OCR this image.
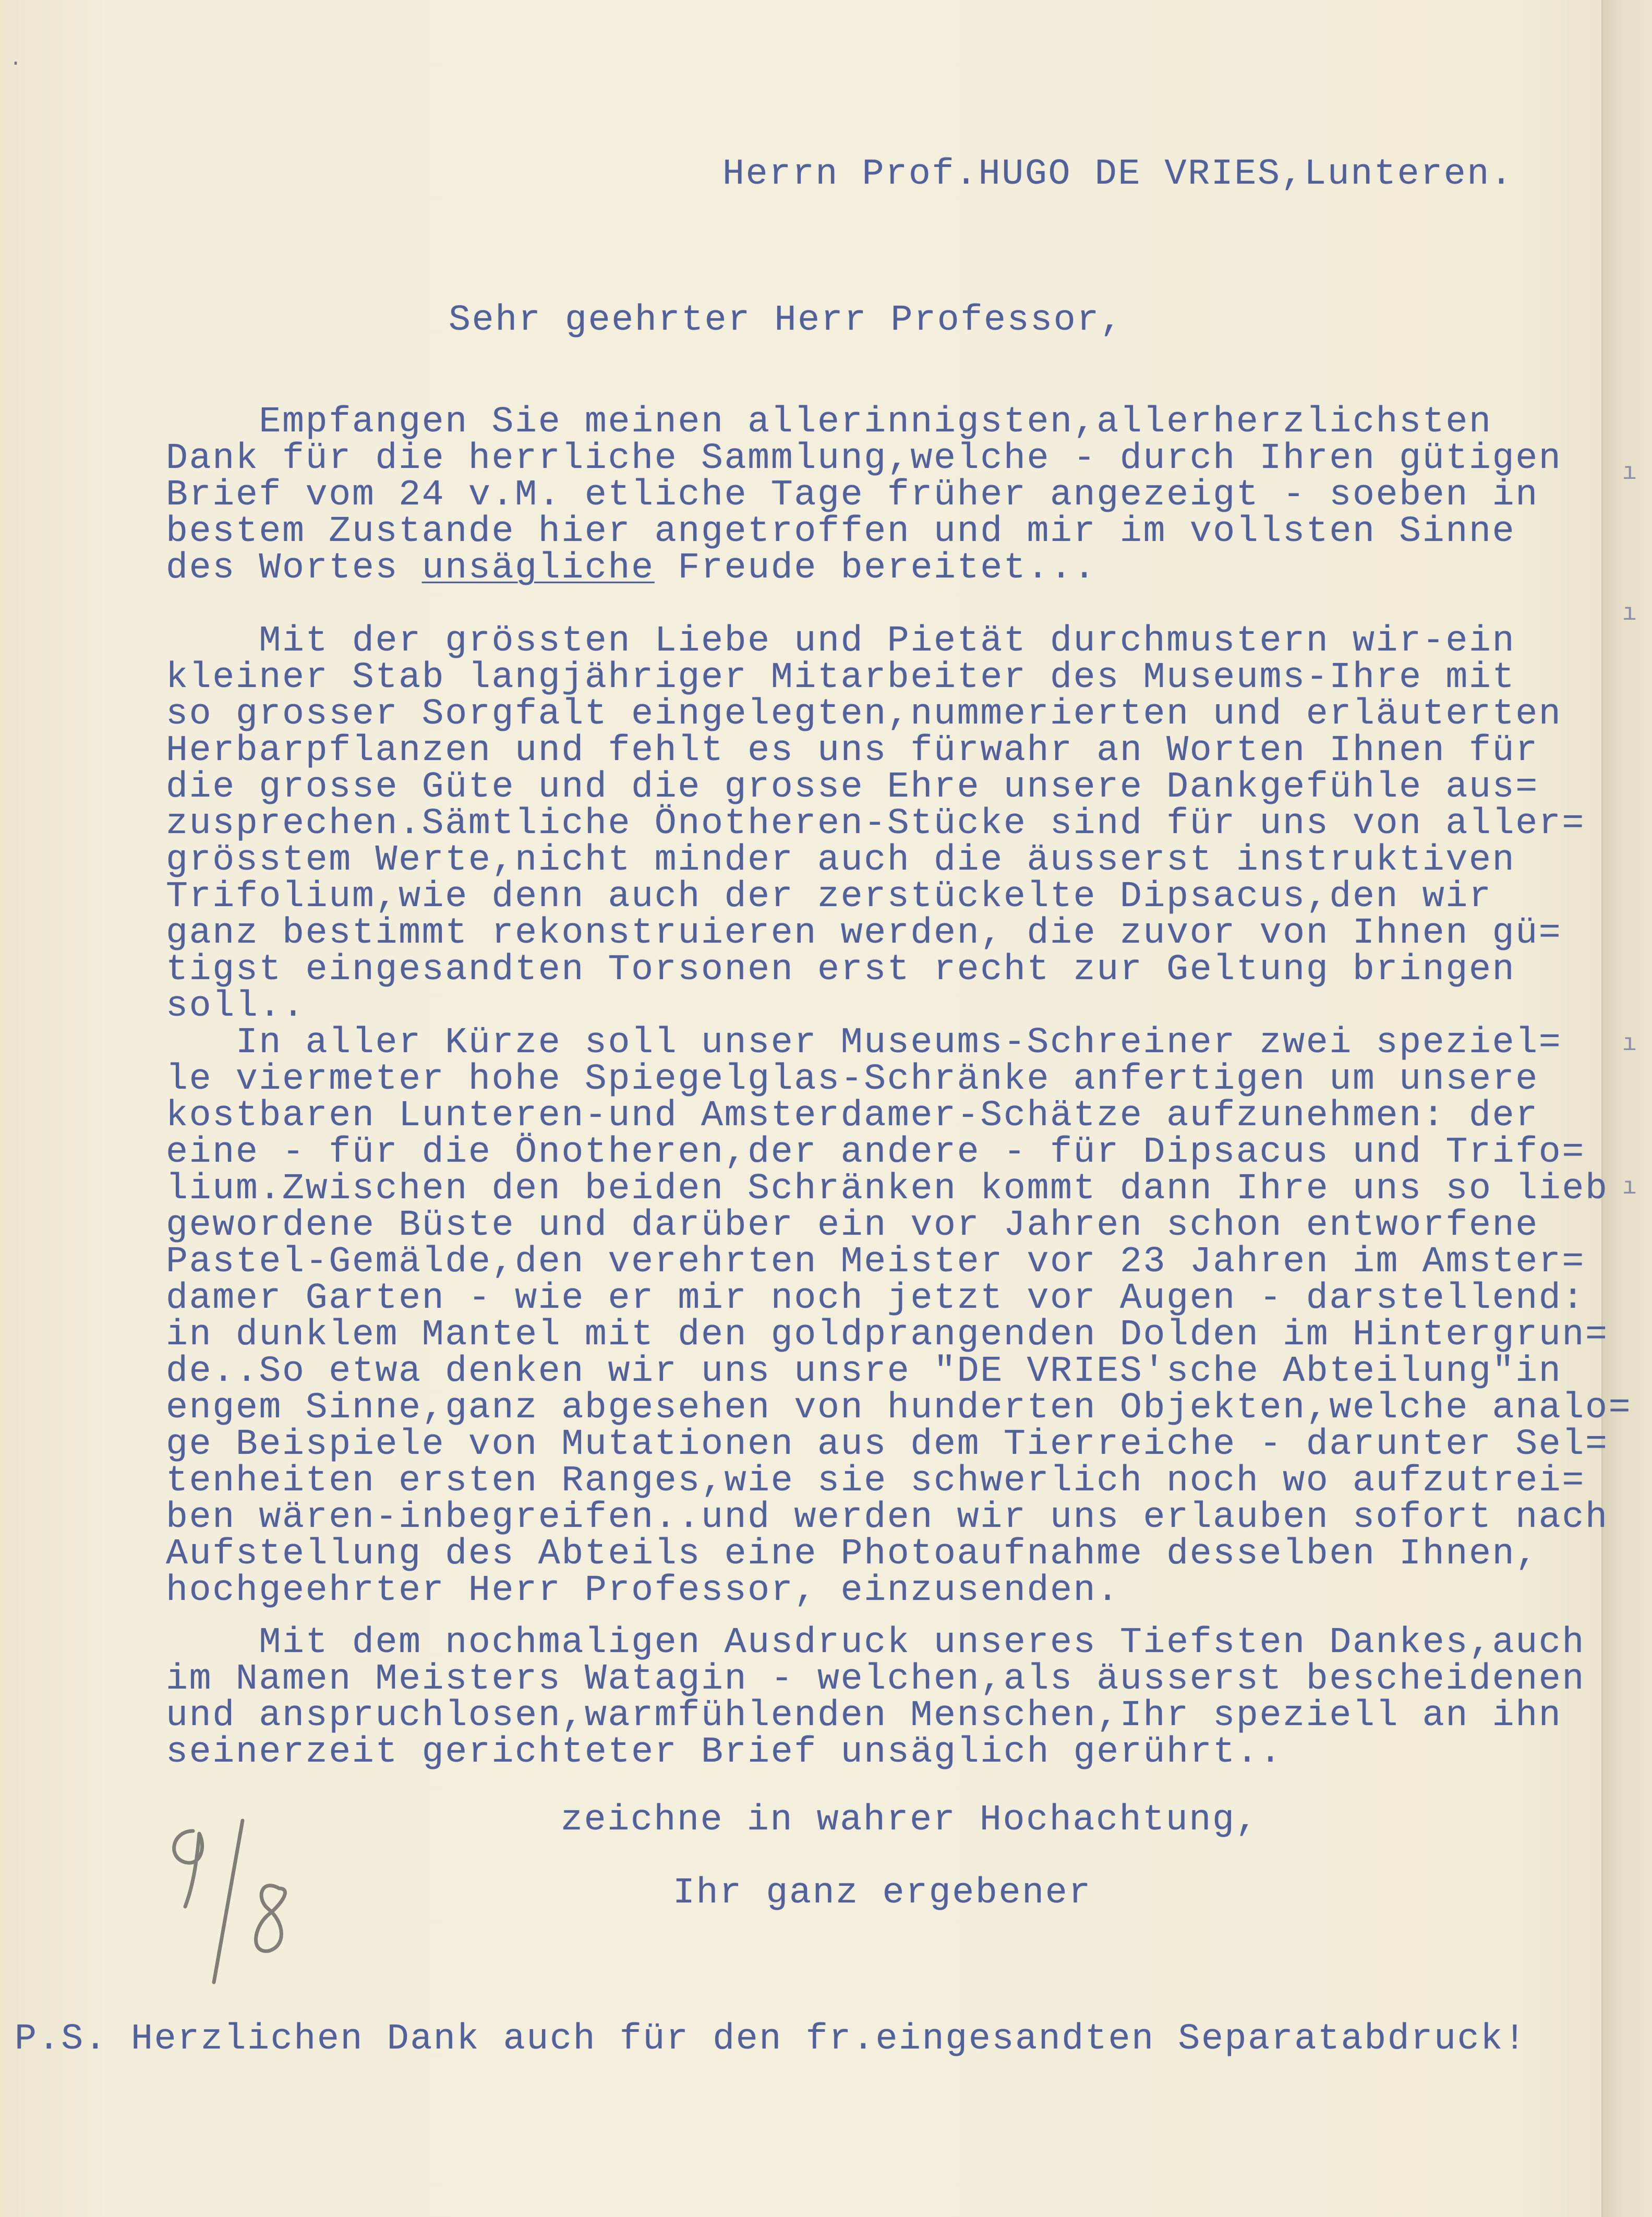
ı
ı
ı
ı
·
Herrn Prof.HUGO DE VRIES,Lunteren.
Sehr geehrter Herr Professor,
Empfangen Sie meinen allerinnigsten,allerherzlichsten
Dank für die herrliche Sammlung,welche - durch Ihren gütigen
Brief vom 24 v.M. etliche Tage früher angezeigt - soeben in
bestem Zustande hier angetroffen und mir im vollsten Sinne
des Wortes unsägliche Freude bereitet...
Mit der grössten Liebe und Pietät durchmustern wir-ein
kleiner Stab langjähriger Mitarbeiter des Museums-Ihre mit
so grosser Sorgfalt eingelegten,nummerierten und erläuterten
Herbarpflanzen und fehlt es uns fürwahr an Worten Ihnen für
die grosse Güte und die grosse Ehre unsere Dankgefühle aus=
zusprechen.Sämtliche Önotheren-Stücke sind für uns von aller=
grösstem Werte,nicht minder auch die äusserst instruktiven
Trifolium,wie denn auch der zerstückelte Dipsacus,den wir
ganz bestimmt rekonstruieren werden, die zuvor von Ihnen gü=
tigst eingesandten Torsonen erst recht zur Geltung bringen
soll..
In aller Kürze soll unser Museums-Schreiner zwei speziel=
le viermeter hohe Spiegelglas-Schränke anfertigen um unsere
kostbaren Lunteren-und Amsterdamer-Schätze aufzunehmen: der
eine - für die Önotheren,der andere - für Dipsacus und Trifo=
lium.Zwischen den beiden Schränken kommt dann Ihre uns so lieb
gewordene Büste und darüber ein vor Jahren schon entworfene
Pastel-Gemälde,den verehrten Meister vor 23 Jahren im Amster=
damer Garten - wie er mir noch jetzt vor Augen - darstellend:
in dunklem Mantel mit den goldprangenden Dolden im Hintergrun=
de..So etwa denken wir uns unsre "DE VRIES'sche Abteilung"in
engem Sinne,ganz abgesehen von hunderten Objekten,welche analo=
ge Beispiele von Mutationen aus dem Tierreiche - darunter Sel=
tenheiten ersten Ranges,wie sie schwerlich noch wo aufzutrei=
ben wären-inbegreifen..und werden wir uns erlauben sofort nach
Aufstellung des Abteils eine Photoaufnahme desselben Ihnen,
hochgeehrter Herr Professor, einzusenden.
Mit dem nochmaligen Ausdruck unseres Tiefsten Dankes,auch
im Namen Meisters Watagin - welchen,als äusserst bescheidenen
und anspruchlosen,warmfühlenden Menschen,Ihr speziell an ihn
seinerzeit gerichteter Brief unsäglich gerührt..
zeichne in wahrer Hochachtung,
Ihr ganz ergebener
P.S. Herzlichen Dank auch für den fr.eingesandten Separatabdruck!
